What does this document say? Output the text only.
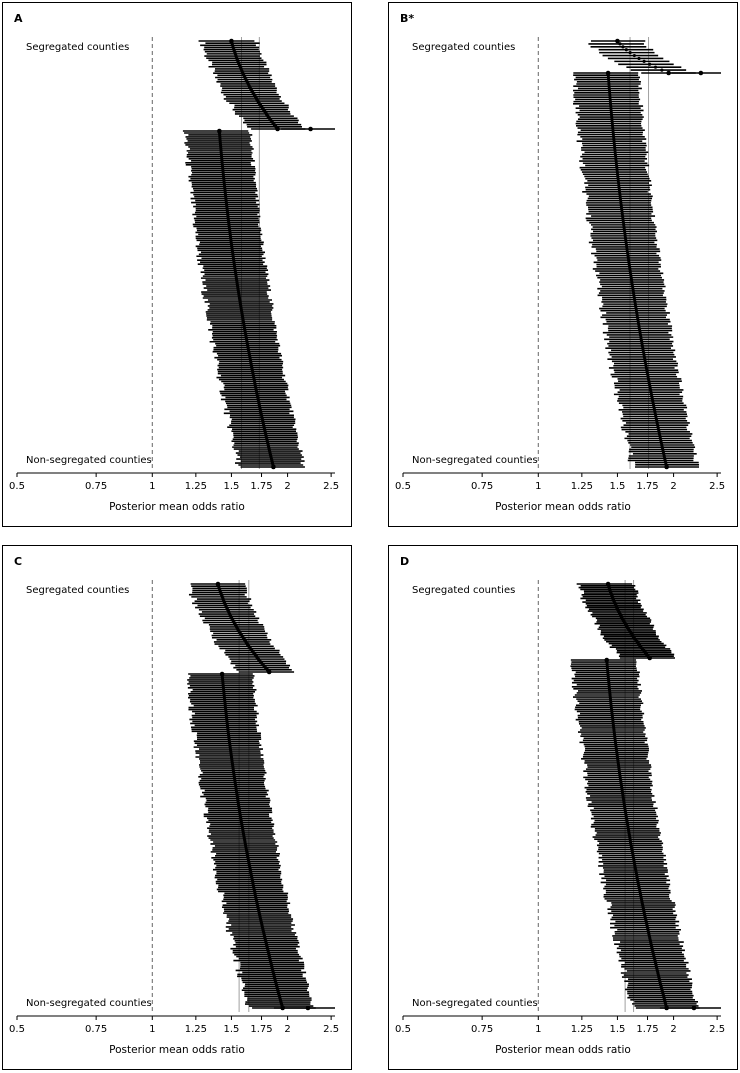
A
Segregated counties
Non-segregated counties
Posterior mean odds ratio
0.5	0.75	1	1.25 1.5 1.75 2	2.5
B*
Segregated counties
Non-segregated counties
Posterior mean odds ratio
0.5	0.75	1	1.25 1.5 1.75 2	2.5
C
Segregated counties
Non-segregated counties
Posterior mean odds ratio
0.5	0.75	1	1.25 1.5 1.75 2	2.5
D
Segregated counties
Non-segregated counties
Posterior mean odds ratio
0.5	0.75	1	1.25 1.5 1.75 2	2.5
